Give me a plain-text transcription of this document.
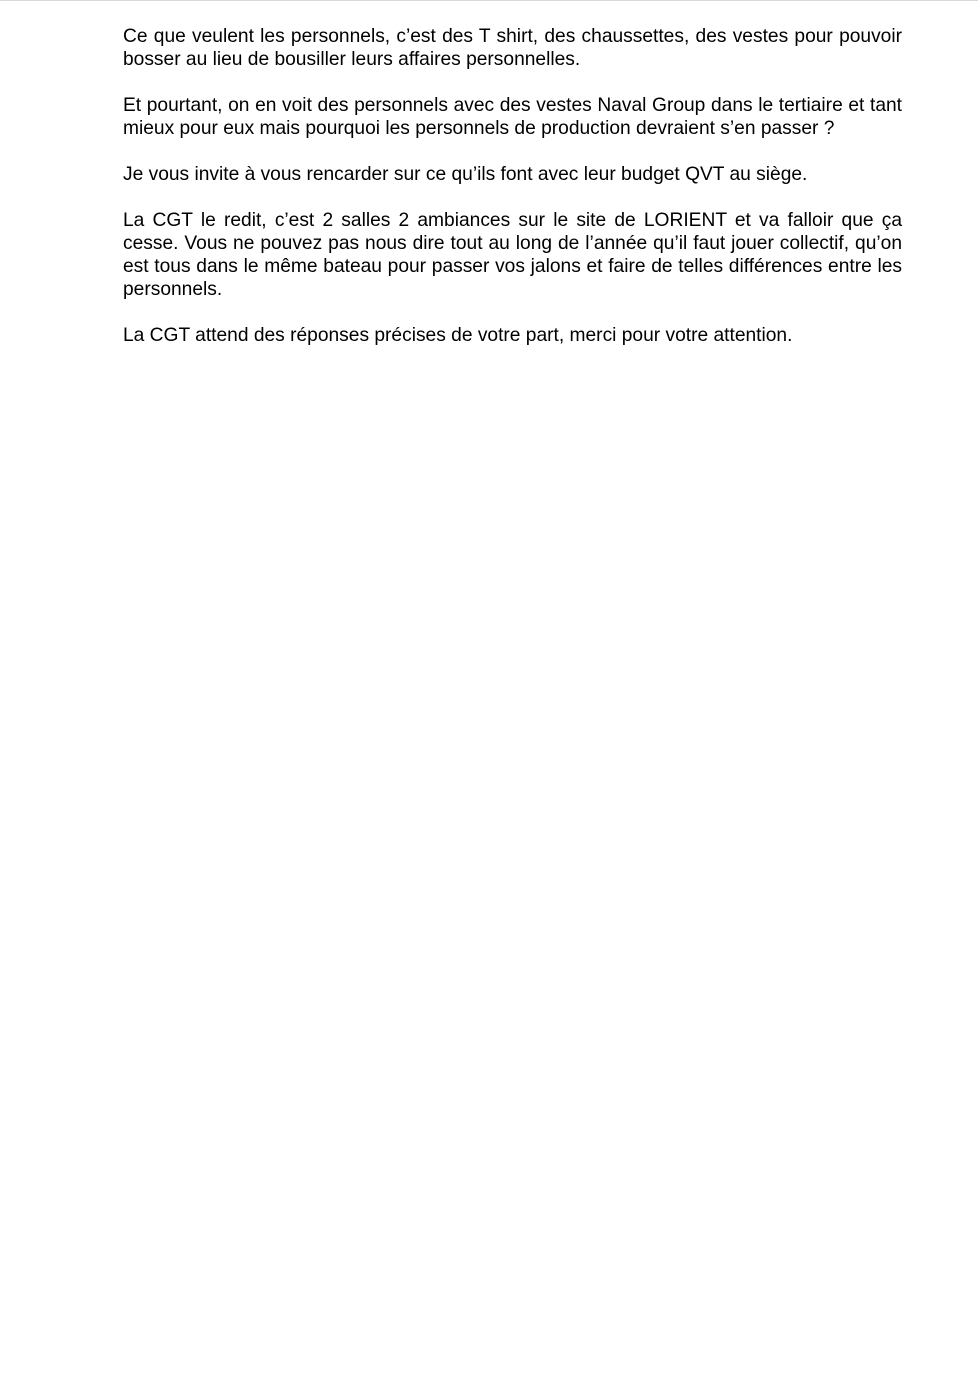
Ce que veulent les personnels, c’est des T shirt, des chaussettes, des vestes pour pouvoir bosser au lieu de bousiller leurs affaires personnelles.

Et pourtant, on en voit des personnels avec des vestes Naval Group dans le tertiaire et tant mieux pour eux mais pourquoi les personnels de production devraient s’en passer ?

Je vous invite à vous rencarder sur ce qu’ils font avec leur budget QVT au siège.

La CGT le redit, c’est 2 salles 2 ambiances sur le site de LORIENT et va falloir que ça cesse. Vous ne pouvez pas nous dire tout au long de l’année qu’il faut jouer collectif, qu’on est tous dans le même bateau pour passer vos jalons et faire de telles différences entre les personnels.

La CGT attend des réponses précises de votre part, merci pour votre attention.
